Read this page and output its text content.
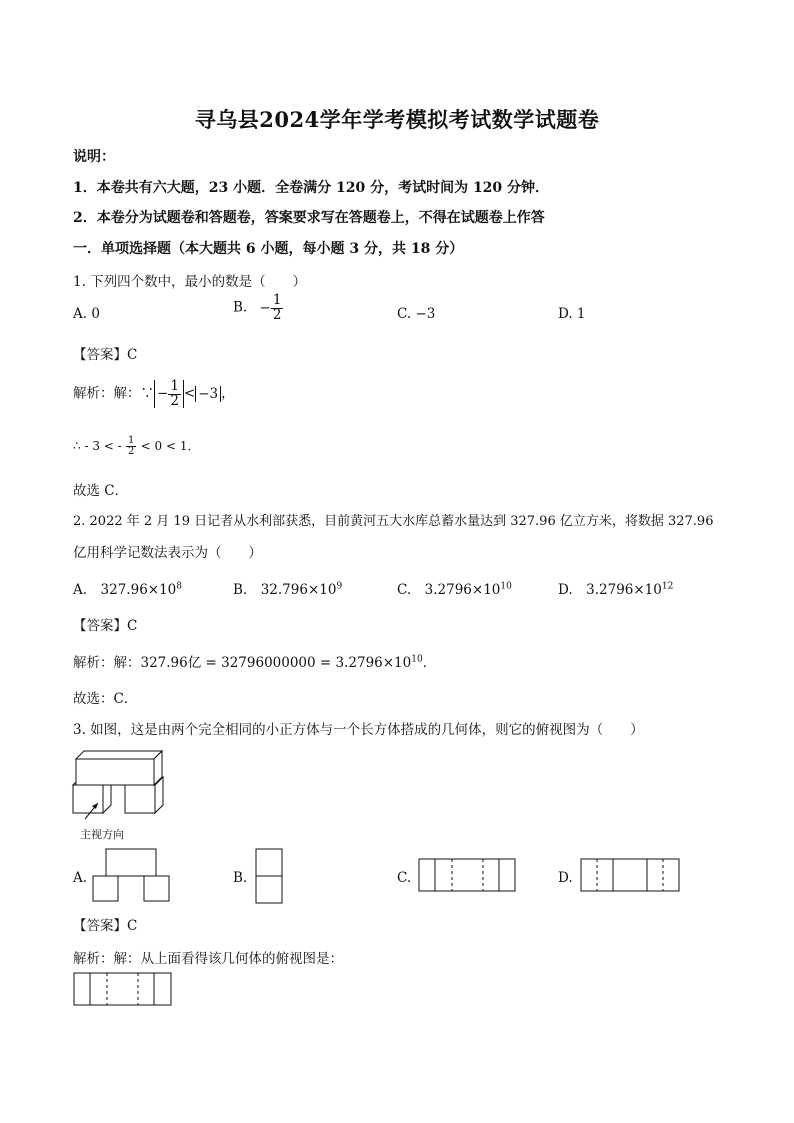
寻乌县2024学年学考模拟考试数学试题卷
说明：
1．本卷共有六大题，23 小题．全卷满分 120 分，考试时间为 120 分钟．
2．本卷分为试题卷和答题卷，答案要求写在答题卷上，不得在试题卷上作答
一．单项选择题（本大题共 6 小题，每小题 3 分，共 18 分）
1. 下列四个数中，最小的数是（　　）
A. 0	B. − $\frac{1}{2}$	C. −3	D. 1
【答案】C
解析：解：∵ − $\frac{1}{2} < -3$ ，
∴ - 3 < - $\frac{1}{2} < 0 < 1$．
故选 C．
2. 2022 年 2 月 19 日记者从水利部获悉，目前黄河五大水库总蓄水量达到 327.96 亿立方米，将数据 327.96
亿用科学记数法表示为（　　）
A.　$327.96\times 10^8$	B.　$32.796\times 10^9$	C.　$3.2796\times 10^{10}$	D.　$3.2796\times 10^{12}$
【答案】C
解析：解：327.96亿 = $32796000000 = 3.2796\times 10^{10}$．
故选：C．
3. 如图，这是由两个完全相同的小正方体与一个长方体搭成的几何体，则它的俯视图为（　　）
主视方向
A.	B.	C.	D.
【答案】C
解析：解：从上面看得该几何体的俯视图是：
